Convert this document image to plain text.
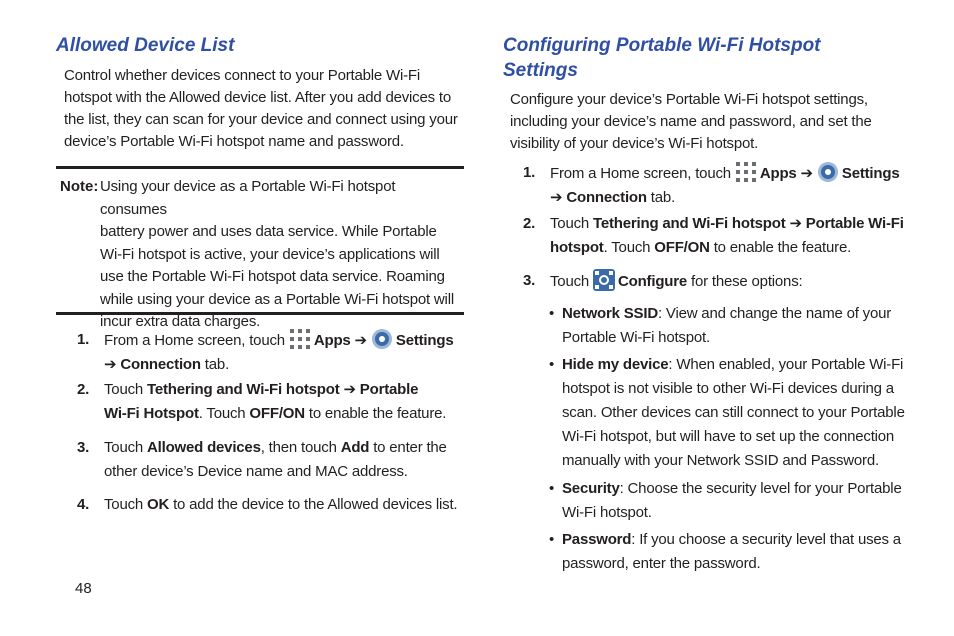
Allowed Device List
Control whether devices connect to your Portable Wi-Fi
hotspot with the Allowed device list. After you add devices to
the list, they can scan for your device and connect using your
device’s Portable Wi-Fi hotspot name and password.
Note: Using your device as a Portable Wi-Fi hotspot consumes
battery power and uses data service. While Portable
Wi-Fi hotspot is active, your device’s applications will
use the Portable Wi-Fi hotspot data service. Roaming
while using your device as a Portable Wi-Fi hotspot will
incur extra data charges.
1. From a Home screen, touch Apps ➔ Settings
➔ Connection tab.
2. Touch Tethering and Wi-Fi hotspot ➔ Portable
Wi-Fi Hotspot. Touch OFF/ON to enable the feature.
3. Touch Allowed devices, then touch Add to enter the
other device’s Device name and MAC address.
4. Touch OK to add the device to the Allowed devices list.
Configuring Portable Wi-Fi Hotspot
Settings
Configure your device’s Portable Wi-Fi hotspot settings,
including your device’s name and password, and set the
visibility of your device’s Wi-Fi hotspot.
1. From a Home screen, touch Apps ➔ Settings
➔ Connection tab.
2. Touch Tethering and Wi-Fi hotspot ➔ Portable Wi-Fi
hotspot. Touch OFF/ON to enable the feature.
3. Touch Configure for these options:
• Network SSID: View and change the name of your
Portable Wi-Fi hotspot.
• Hide my device: When enabled, your Portable Wi-Fi
hotspot is not visible to other Wi-Fi devices during a
scan. Other devices can still connect to your Portable
Wi-Fi hotspot, but will have to set up the connection
manually with your Network SSID and Password.
• Security: Choose the security level for your Portable
Wi-Fi hotspot.
• Password: If you choose a security level that uses a
password, enter the password.
48
